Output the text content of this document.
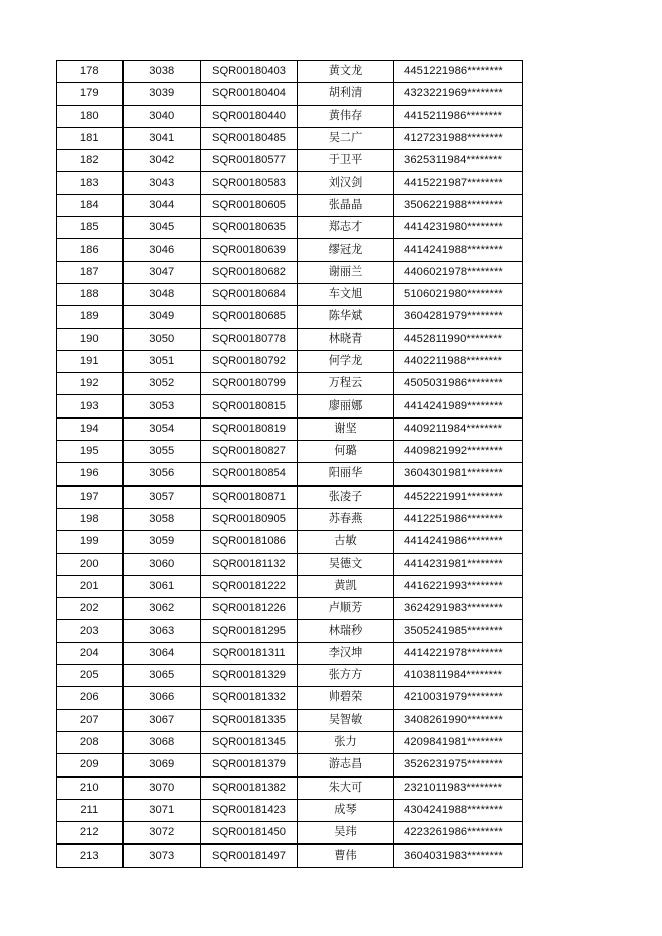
178	3038	SQR00180403	黄文龙	4451221986********
179	3039	SQR00180404	胡利清	4323221969********
180	3040	SQR00180440	黄伟存	4415211986********
181	3041	SQR00180485	吴二广	4127231988********
182	3042	SQR00180577	于卫平	3625311984********
183	3043	SQR00180583	刘汉剑	4415221987********
184	3044	SQR00180605	张晶晶	3506221988********
185	3045	SQR00180635	郑志才	4414231980********
186	3046	SQR00180639	缪冠龙	4414241988********
187	3047	SQR00180682	谢丽兰	4406021978********
188	3048	SQR00180684	车文旭	5106021980********
189	3049	SQR00180685	陈华斌	3604281979********
190	3050	SQR00180778	林晓青	4452811990********
191	3051	SQR00180792	何学龙	4402211988********
192	3052	SQR00180799	万程云	4505031986********
193	3053	SQR00180815	廖丽娜	4414241989********
194	3054	SQR00180819	谢坚	4409211984********
195	3055	SQR00180827	何璐	4409821992********
196	3056	SQR00180854	阳丽华	3604301981********
197	3057	SQR00180871	张凌子	4452221991********
198	3058	SQR00180905	苏春燕	4412251986********
199	3059	SQR00181086	古敏	4414241986********
200	3060	SQR00181132	吴德文	4414231981********
201	3061	SQR00181222	黄凯	4416221993********
202	3062	SQR00181226	卢顺芳	3624291983********
203	3063	SQR00181295	林瑞秒	3505241985********
204	3064	SQR00181311	李汉坤	4414221978********
205	3065	SQR00181329	张方方	4103811984********
206	3066	SQR00181332	帅碧荣	4210031979********
207	3067	SQR00181335	吴智敏	3408261990********
208	3068	SQR00181345	张力	4209841981********
209	3069	SQR00181379	游志昌	3526231975********
210	3070	SQR00181382	朱大可	2321011983********
211	3071	SQR00181423	成琴	4304241988********
212	3072	SQR00181450	吴玮	4223261986********
213	3073	SQR00181497	曹伟	3604031983********
